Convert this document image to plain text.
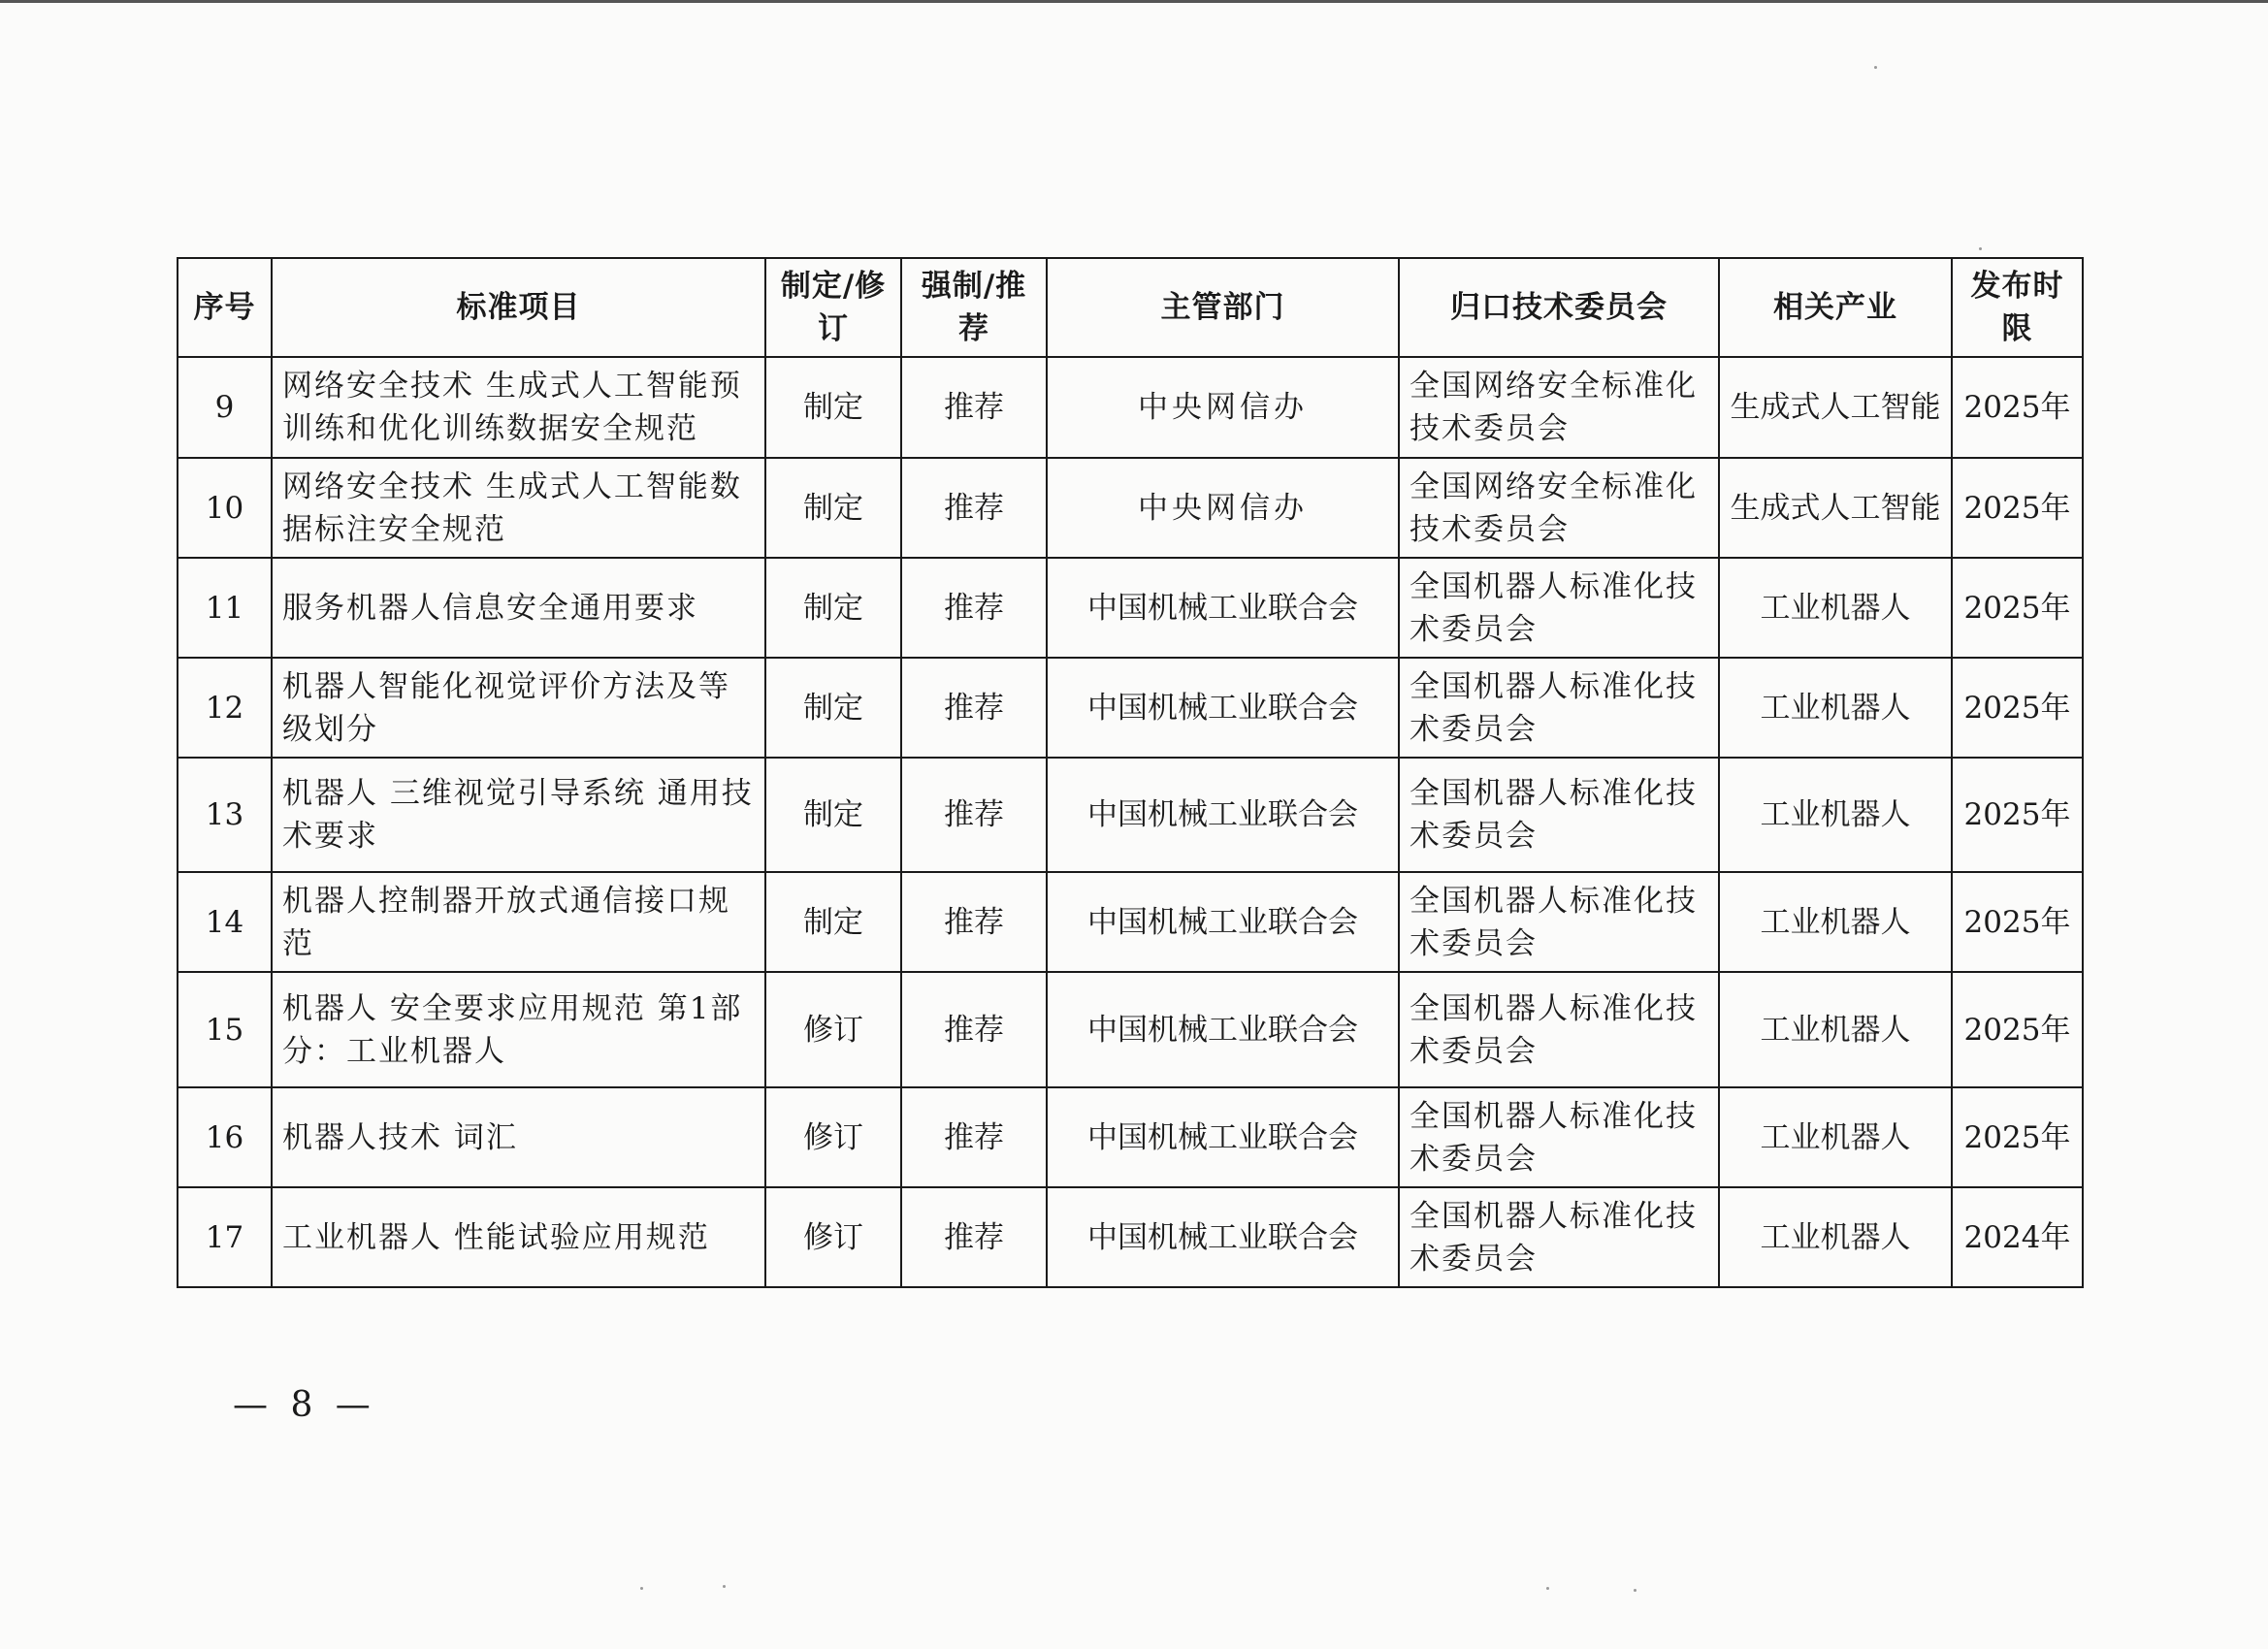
序号	标准项目	制定/修订	强制/推荐	主管部门	归口技术委员会	相关产业	发布时限
9	网络安全技术 生成式人工智能预训练和优化训练数据安全规范	制定	推荐	中央网信办	全国网络安全标准化技术委员会	生成式人工智能	2025年
10	网络安全技术 生成式人工智能数据标注安全规范	制定	推荐	中央网信办	全国网络安全标准化技术委员会	生成式人工智能	2025年
11	服务机器人信息安全通用要求	制定	推荐	中国机械工业联合会	全国机器人标准化技术委员会	工业机器人	2025年
12	机器人智能化视觉评价方法及等级划分	制定	推荐	中国机械工业联合会	全国机器人标准化技术委员会	工业机器人	2025年
13	机器人 三维视觉引导系统 通用技术要求	制定	推荐	中国机械工业联合会	全国机器人标准化技术委员会	工业机器人	2025年
14	机器人控制器开放式通信接口规范	制定	推荐	中国机械工业联合会	全国机器人标准化技术委员会	工业机器人	2025年
15	机器人 安全要求应用规范 第1部分：工业机器人	修订	推荐	中国机械工业联合会	全国机器人标准化技术委员会	工业机器人	2025年
16	机器人技术 词汇	修订	推荐	中国机械工业联合会	全国机器人标准化技术委员会	工业机器人	2025年
17	工业机器人 性能试验应用规范	修订	推荐	中国机械工业联合会	全国机器人标准化技术委员会	工业机器人	2024年
— 8 —
